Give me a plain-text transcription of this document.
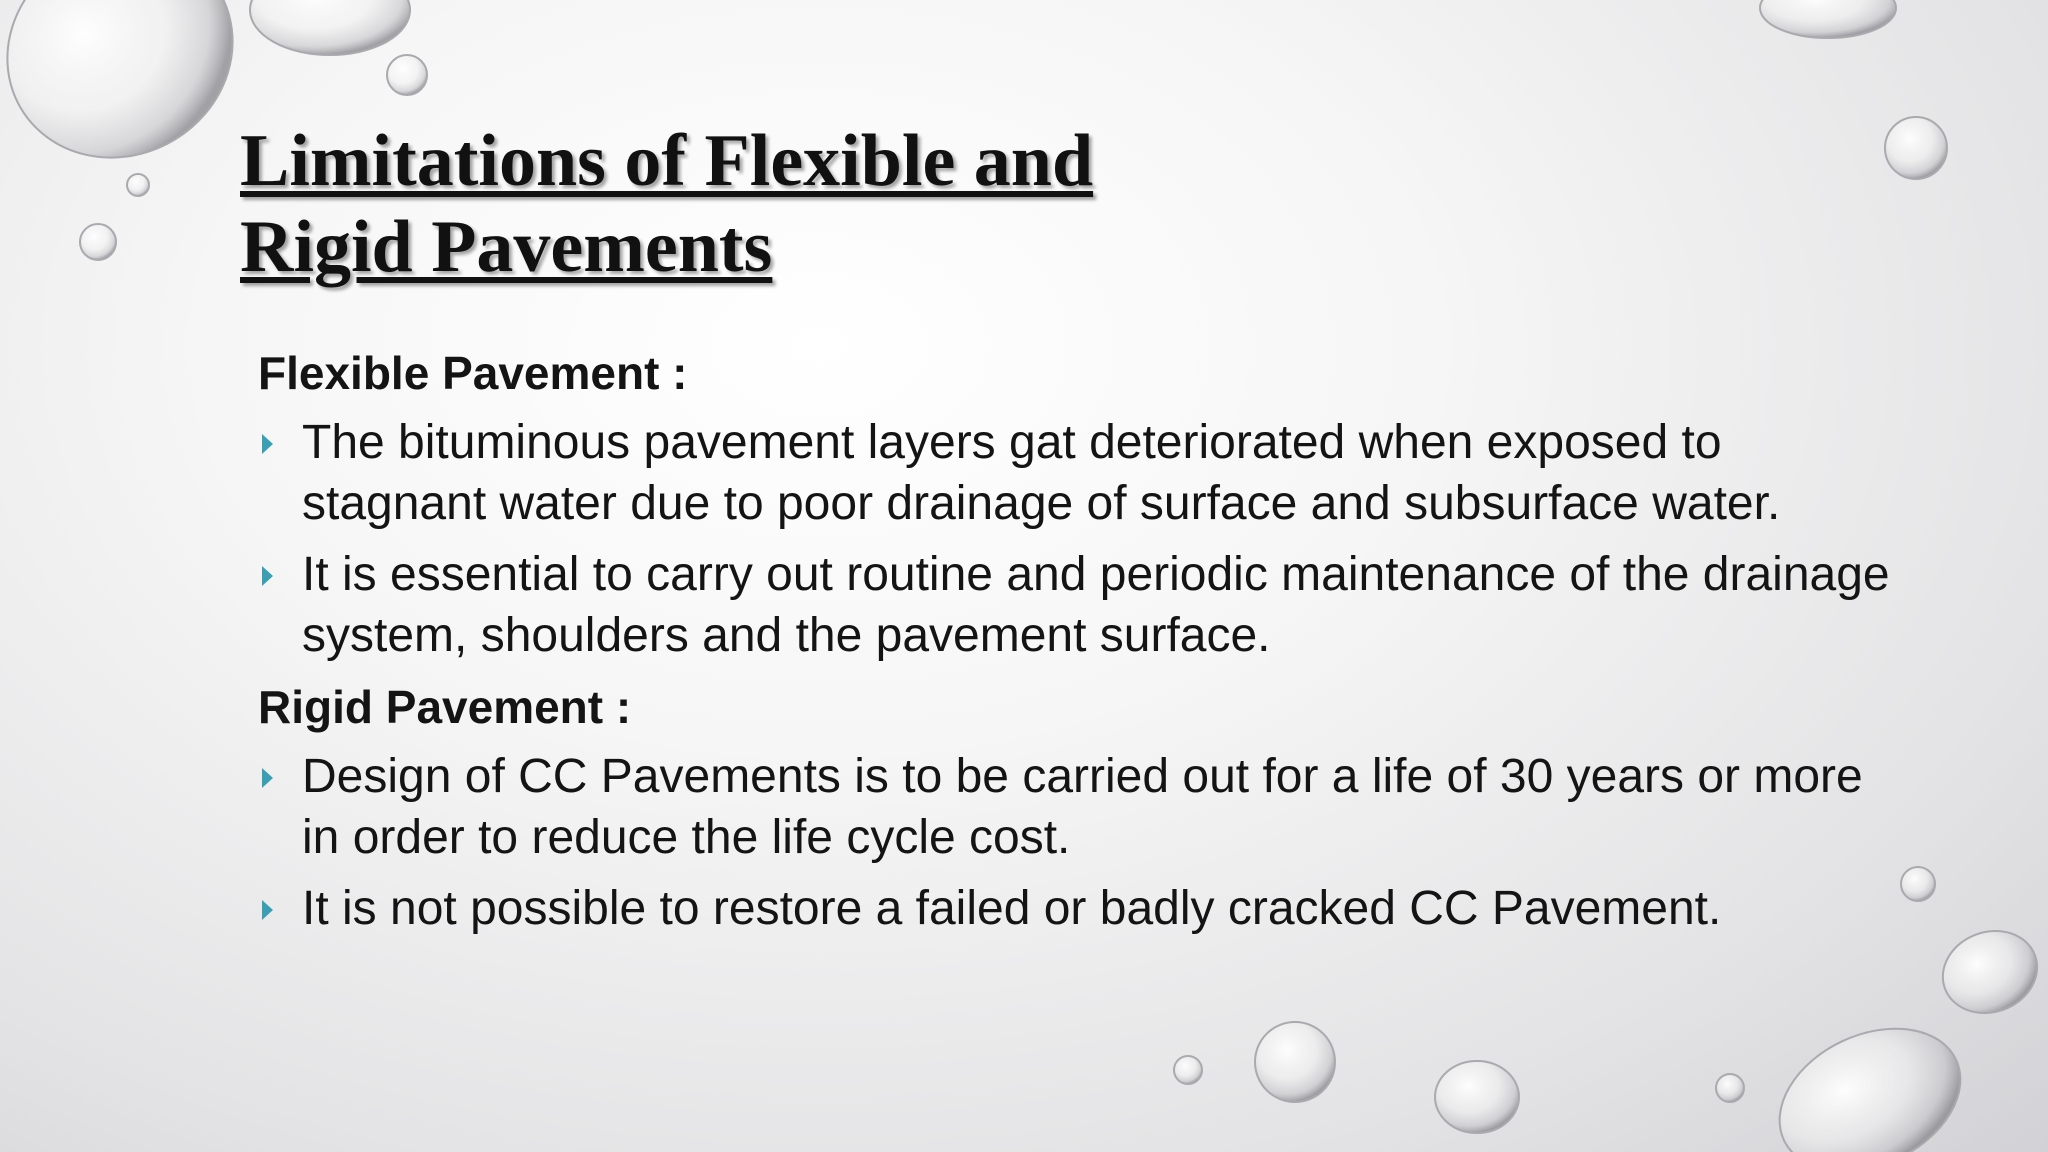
Limitations of Flexible and
Rigid Pavements
Flexible Pavement :
The bituminous pavement layers gat deteriorated when exposed to stagnant water due to poor drainage of surface and subsurface water.
It is essential to carry out routine and periodic maintenance of the drainage system, shoulders and the pavement surface.
Rigid Pavement :
Design of CC Pavements is to be carried out for a life of 30 years or more in order to reduce the life cycle cost.
It is not possible to restore a failed or badly cracked CC Pavement.
